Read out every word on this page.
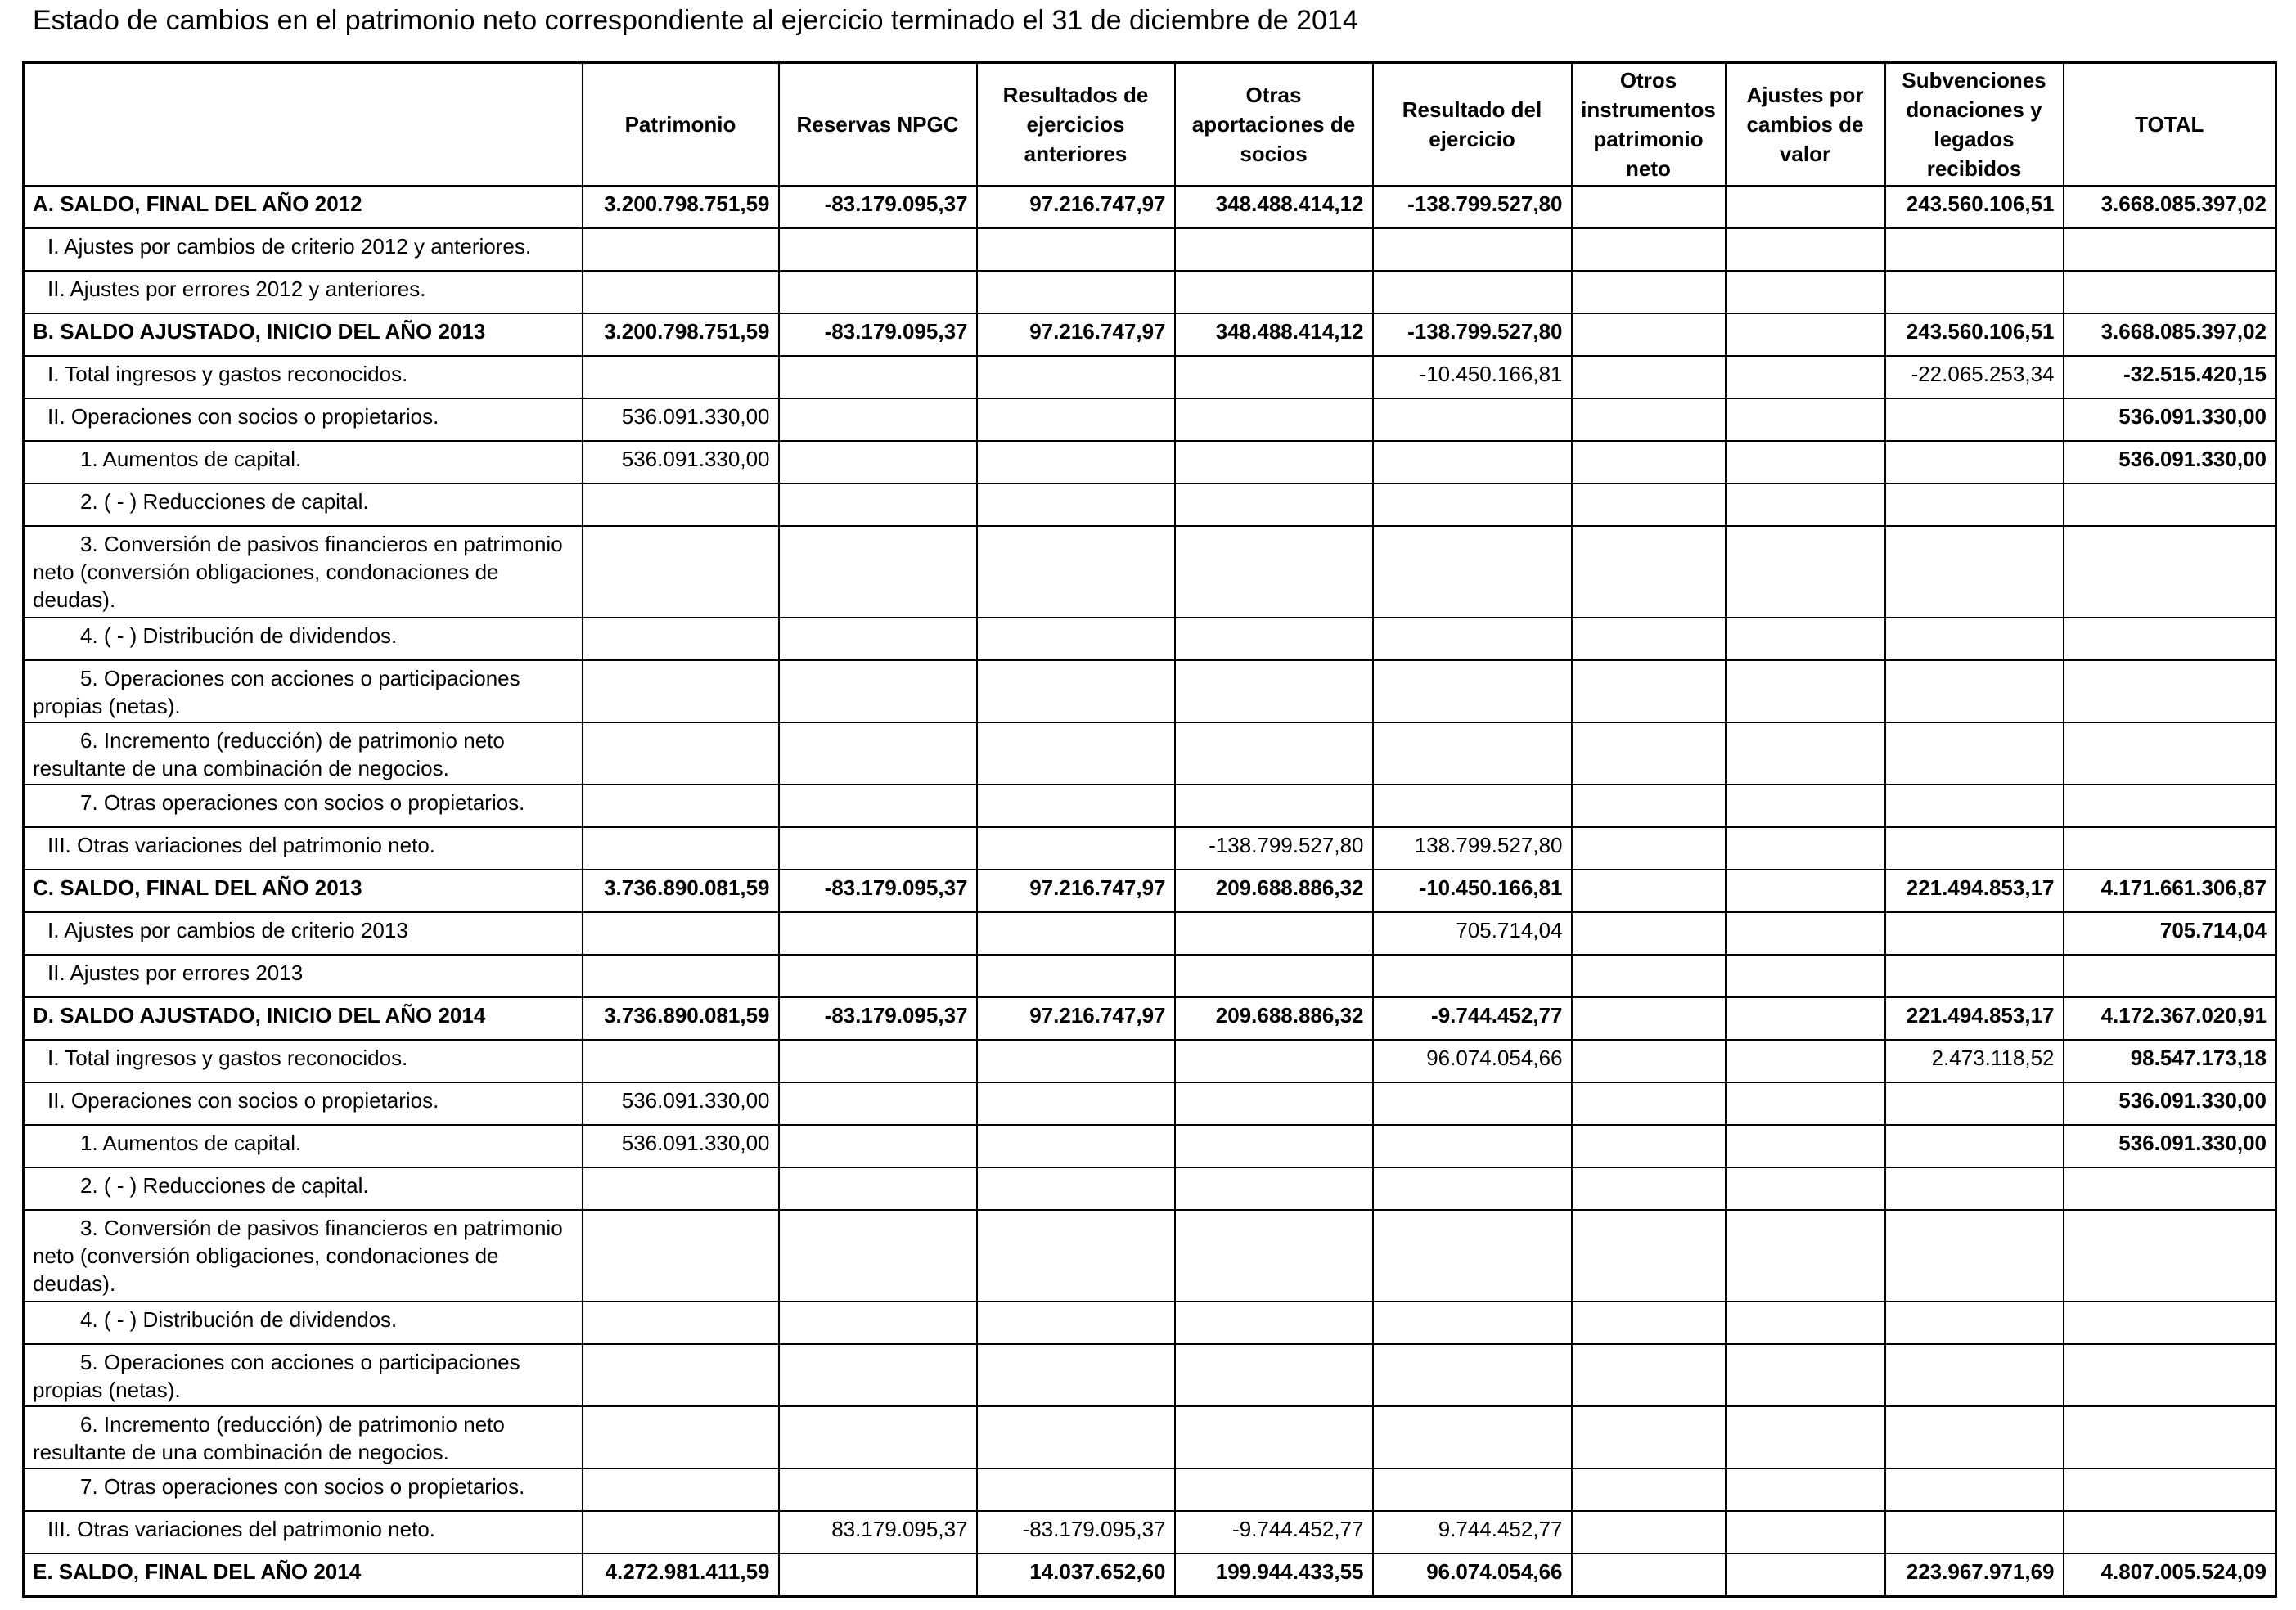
Estado de cambios en el patrimonio neto correspondiente al ejercicio terminado el 31 de diciembre de 2014
	Patrimonio	Reservas NPGC	Resultados de ejercicios anteriores	Otras aportaciones de socios	Resultado del ejercicio	Otros instrumentos patrimonio neto	Ajustes por cambios de valor	Subvenciones donaciones y legados recibidos	TOTAL
A. SALDO, FINAL DEL AÑO 2012	3.200.798.751,59	-83.179.095,37	97.216.747,97	348.488.414,12	-138.799.527,80			243.560.106,51	3.668.085.397,02
I. Ajustes por cambios de criterio 2012 y anteriores.									
II. Ajustes por errores 2012 y anteriores.									
B. SALDO AJUSTADO, INICIO DEL AÑO 2013	3.200.798.751,59	-83.179.095,37	97.216.747,97	348.488.414,12	-138.799.527,80			243.560.106,51	3.668.085.397,02
I. Total ingresos y gastos reconocidos.					-10.450.166,81			-22.065.253,34	-32.515.420,15
II. Operaciones con socios o propietarios.	536.091.330,00								536.091.330,00
1. Aumentos de capital.	536.091.330,00								536.091.330,00
2. ( - ) Reducciones de capital.									
3. Conversión de pasivos financieros en patrimonio neto (conversión obligaciones, condonaciones de deudas).									
4. ( - ) Distribución de dividendos.									
5. Operaciones con acciones o participaciones propias (netas).									
6. Incremento (reducción) de patrimonio neto resultante de una combinación de negocios.									
7. Otras operaciones con socios o propietarios.									
III. Otras variaciones del patrimonio neto.				-138.799.527,80	138.799.527,80				
C. SALDO, FINAL DEL AÑO 2013	3.736.890.081,59	-83.179.095,37	97.216.747,97	209.688.886,32	-10.450.166,81			221.494.853,17	4.171.661.306,87
I. Ajustes por cambios de criterio 2013					705.714,04				705.714,04
II. Ajustes por errores 2013									
D. SALDO AJUSTADO, INICIO DEL AÑO 2014	3.736.890.081,59	-83.179.095,37	97.216.747,97	209.688.886,32	-9.744.452,77			221.494.853,17	4.172.367.020,91
I. Total ingresos y gastos reconocidos.					96.074.054,66			2.473.118,52	98.547.173,18
II. Operaciones con socios o propietarios.	536.091.330,00								536.091.330,00
1. Aumentos de capital.	536.091.330,00								536.091.330,00
2. ( - ) Reducciones de capital.									
3. Conversión de pasivos financieros en patrimonio neto (conversión obligaciones, condonaciones de deudas).									
4. ( - ) Distribución de dividendos.									
5. Operaciones con acciones o participaciones propias (netas).									
6. Incremento (reducción) de patrimonio neto resultante de una combinación de negocios.									
7. Otras operaciones con socios o propietarios.									
III. Otras variaciones del patrimonio neto.		83.179.095,37	-83.179.095,37	-9.744.452,77	9.744.452,77				
E. SALDO, FINAL DEL AÑO 2014	4.272.981.411,59		14.037.652,60	199.944.433,55	96.074.054,66			223.967.971,69	4.807.005.524,09
